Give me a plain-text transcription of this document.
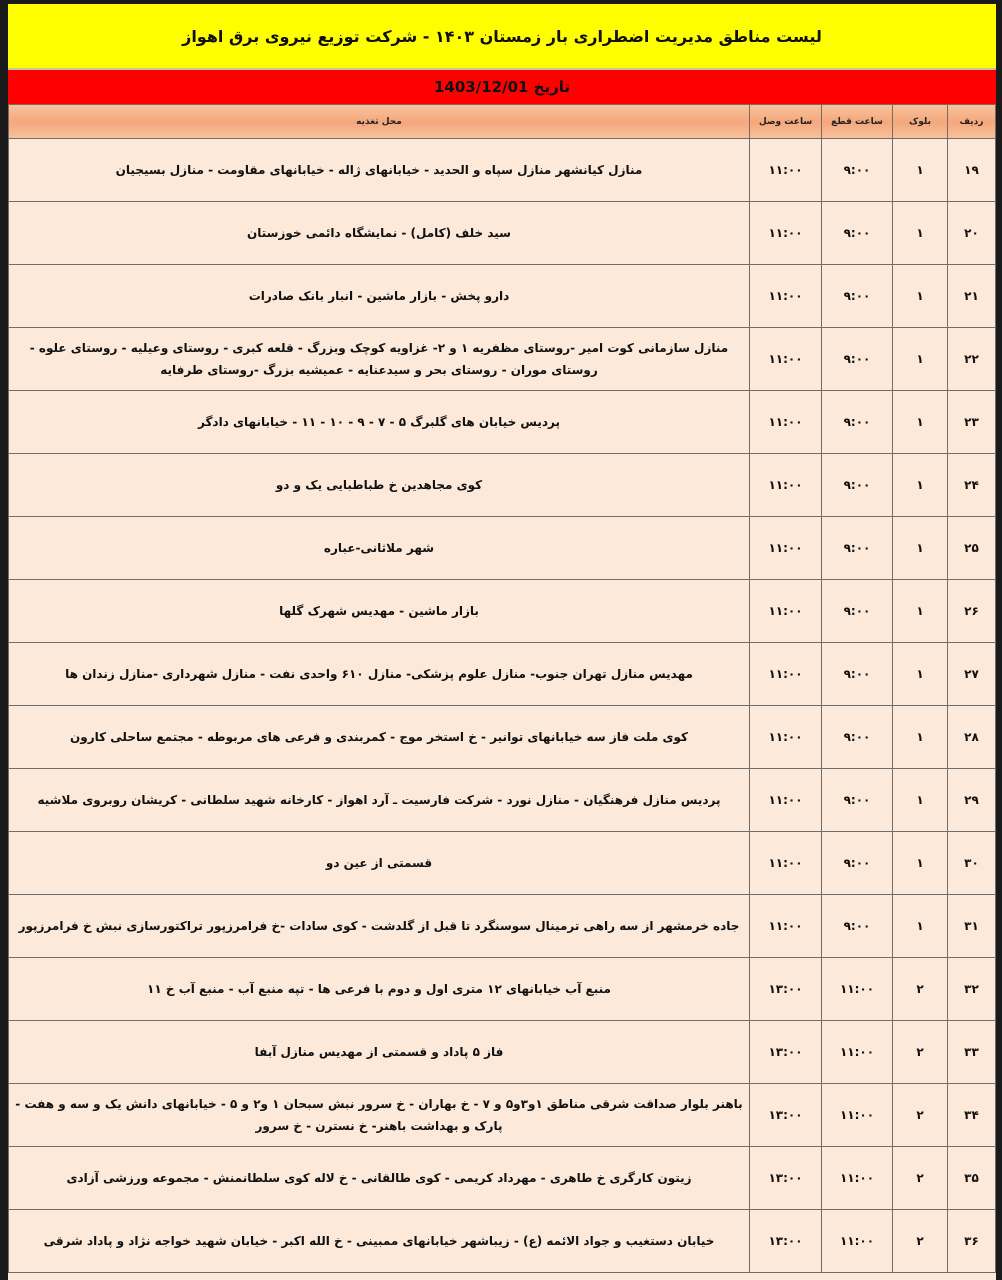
لیست مناطق مدیریت اضطراری بار زمستان ۱۴۰۳ - شرکت توزیع نیروی برق اهواز
تاریخ 1403/12/01
ردیف	بلوک	ساعت قطع	ساعت وصل	محل تغذیه
۱۹	۱	۹:۰۰	۱۱:۰۰	منازل کیانشهر منازل سپاه و الحدید - خیابانهای ژاله - خیابانهای مقاومت - منازل بسیجیان
۲۰	۱	۹:۰۰	۱۱:۰۰	سید خلف (کامل) - نمایشگاه دائمی خوزستان
۲۱	۱	۹:۰۰	۱۱:۰۰	دارو پخش - بازار ماشین - انبار بانک صادرات
۲۲	۱	۹:۰۰	۱۱:۰۰	منازل سازمانی کوت امیر -روستای مظفریه ۱ و ۲- غزاویه کوچک وبزرگ - قلعه کبری - روستای وعیلیه - روستای علوه - روستای موران - روستای بحر و سیدعنایه - عمیشیه بزرگ -روستای طرفایه
۲۳	۱	۹:۰۰	۱۱:۰۰	پردیس خیابان های گلبرگ ۵ - ۷ - ۹ - ۱۰ - ۱۱ - خیابانهای دادگر
۲۴	۱	۹:۰۰	۱۱:۰۰	کوی مجاهدین خ طباطبایی یک و دو
۲۵	۱	۹:۰۰	۱۱:۰۰	شهر ملاثانی-عباره
۲۶	۱	۹:۰۰	۱۱:۰۰	بازار ماشین - مهدیس شهرک گلها
۲۷	۱	۹:۰۰	۱۱:۰۰	مهدیس منازل تهران جنوب- منازل علوم پزشکی- منازل ۶۱۰ واحدی نفت - منازل شهرداری -منازل زندان ها
۲۸	۱	۹:۰۰	۱۱:۰۰	کوی ملت فاز سه خیابانهای توانیر - خ استخر موج - کمربندی و فرعی های مربوطه - مجتمع ساحلی کارون
۲۹	۱	۹:۰۰	۱۱:۰۰	پردیس منازل فرهنگیان - منازل نورد - شرکت فارسیت ـ آرد اهواز - کارخانه شهید سلطانی - کریشان روبروی ملاشیه
۳۰	۱	۹:۰۰	۱۱:۰۰	قسمتی از عین دو
۳۱	۱	۹:۰۰	۱۱:۰۰	جاده خرمشهر از سه راهی ترمینال سوسنگرد تا قبل از گلدشت - کوی سادات -خ فرامرزپور تراکتورسازی نبش خ فرامرزپور
۳۲	۲	۱۱:۰۰	۱۳:۰۰	منبع آب خیابانهای ۱۲ متری اول و دوم با فرعی ها - تپه منبع آب - منبع آب خ ۱۱
۳۳	۲	۱۱:۰۰	۱۳:۰۰	فاز ۵ پاداد و قسمتی از مهدیس منازل آبفا
۳۴	۲	۱۱:۰۰	۱۳:۰۰	باهنر بلوار صداقت شرقی مناطق ۱و۳و۵ و ۷ - خ بهاران - خ سرور نبش سبحان ۱ و۲ و ۵ - خیابانهای دانش یک و سه و هفت - پارک و بهداشت باهنر- خ نسترن - خ سرور
۳۵	۲	۱۱:۰۰	۱۳:۰۰	زیتون کارگری خ طاهری - مهرداد کریمی - کوی طالقانی - خ لاله کوی سلطانمنش - مجموعه ورزشی آزادی
۳۶	۲	۱۱:۰۰	۱۳:۰۰	خیابان دستغیب و جواد الائمه (ع) - زیباشهر خیابانهای ممبینی - خ الله اکبر - خیابان شهید خواجه نژاد و پاداد شرقی
